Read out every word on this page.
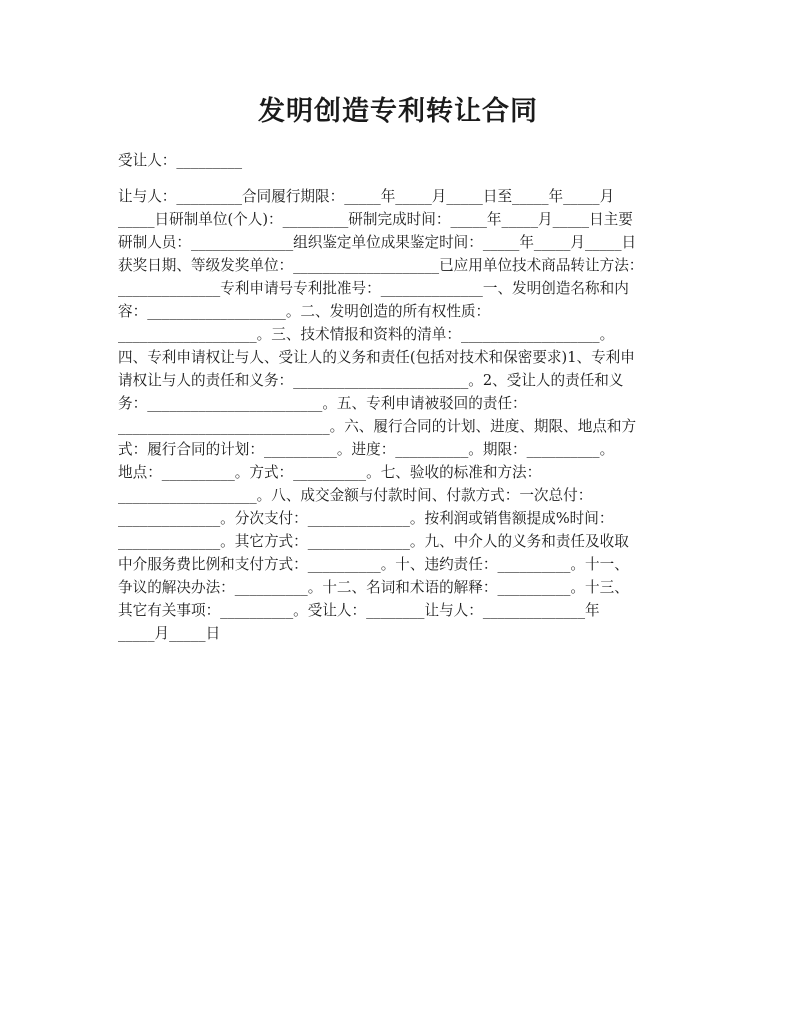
发明创造专利转让合同
受让人：_________
让与人：_________合同履行期限：_____年_____月_____日至_____年_____月
_____日研制单位(个人)：_________研制完成时间：_____年_____月_____日主要
研制人员：______________组织鉴定单位成果鉴定时间：_____年_____月_____日
获奖日期、等级发奖单位：____________________已应用单位技术商品转让方法：
______________专利申请号专利批准号：______________一、发明创造名称和内
容：___________________。二、发明创造的所有权性质：
___________________。三、技术情报和资料的清单：___________________。
四、专利申请权让与人、受让人的义务和责任(包括对技术和保密要求)1、专利申
请权让与人的责任和义务：________________________。2、受让人的责任和义
务：________________________。五、专利申请被驳回的责任：
_____________________________。六、履行合同的计划、进度、期限、地点和方
式：履行合同的计划：__________。进度：__________。期限：__________。
地点：__________。方式：__________。七、验收的标准和方法：
___________________。八、成交金额与付款时间、付款方式：一次总付：
______________。分次支付：______________。按利润或销售额提成%时间：
______________。其它方式：______________。九、中介人的义务和责任及收取
中介服务费比例和支付方式：__________。十、违约责任：__________。十一、
争议的解决办法：__________。十二、名词和术语的解释：__________。十三、
其它有关事项：__________。受让人：________让与人：______________年
_____月_____日
